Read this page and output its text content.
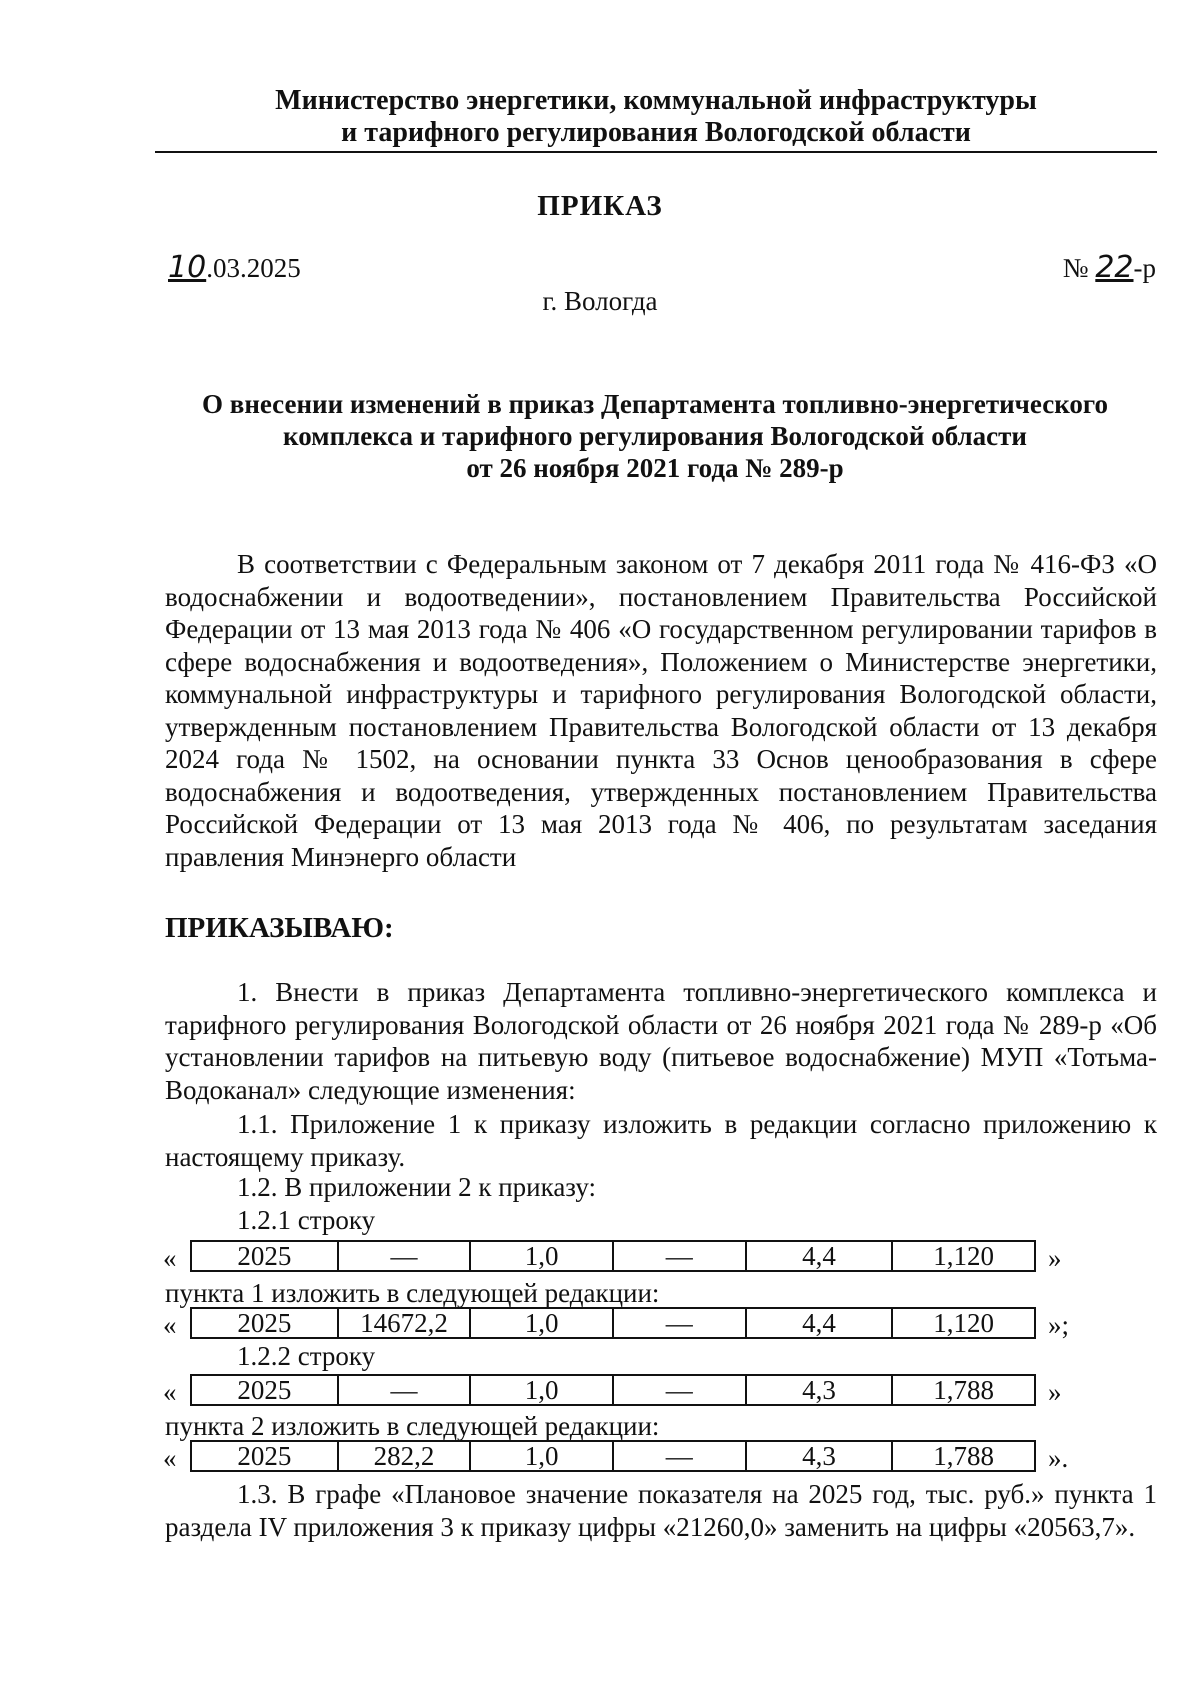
Министерство энергетики, коммунальной инфраструктуры
и тарифного регулирования Вологодской области
ПРИКАЗ
10.03.2025	№ 22-р
г. Вологда
О внесении изменений в приказ Департамента топливно-энергетического
комплекса и тарифного регулирования Вологодской области
от 26 ноября 2021 года № 289-р
В соответствии с Федеральным законом от 7 декабря 2011 года № 416-ФЗ «О водоснабжении и водоотведении», постановлением Правительства Российской Федерации от 13 мая 2013 года № 406 «О государственном регулировании тарифов в сфере водоснабжения и водоотведения», Положением о Министерстве энергетики, коммунальной инфраструктуры и тарифного регулирования Вологодской области, утвержденным постановлением Правительства Вологодской области от 13 декабря 2024 года № 1502, на основании пункта 33 Основ ценообразования в сфере водоснабжения и водоотведения, утвержденных постановлением Правительства Российской Федерации от 13 мая 2013 года № 406, по результатам заседания правления Минэнерго области
ПРИКАЗЫВАЮ:
1. Внести в приказ Департамента топливно-энергетического комплекса и тарифного регулирования Вологодской области от 26 ноября 2021 года № 289-р «Об установлении тарифов на питьевую воду (питьевое водоснабжение) МУП «Тотьма-Водоканал» следующие изменения:
1.1. Приложение 1 к приказу изложить в редакции согласно приложению к настоящему приказу.
1.2. В приложении 2 к приказу:
1.2.1 строку
« 2025	—	1,0	—	4,4	1,120 »
пункта 1 изложить в следующей редакции:
« 2025	14672,2	1,0	—	4,4	1,120 »;
1.2.2 строку
« 2025	—	1,0	—	4,3	1,788 »
пункта 2 изложить в следующей редакции:
« 2025	282,2	1,0	—	4,3	1,788 ».
1.3. В графе «Плановое значение показателя на 2025 год, тыс. руб.» пункта 1 раздела IV приложения 3 к приказу цифры «21260,0» заменить на цифры «20563,7».
